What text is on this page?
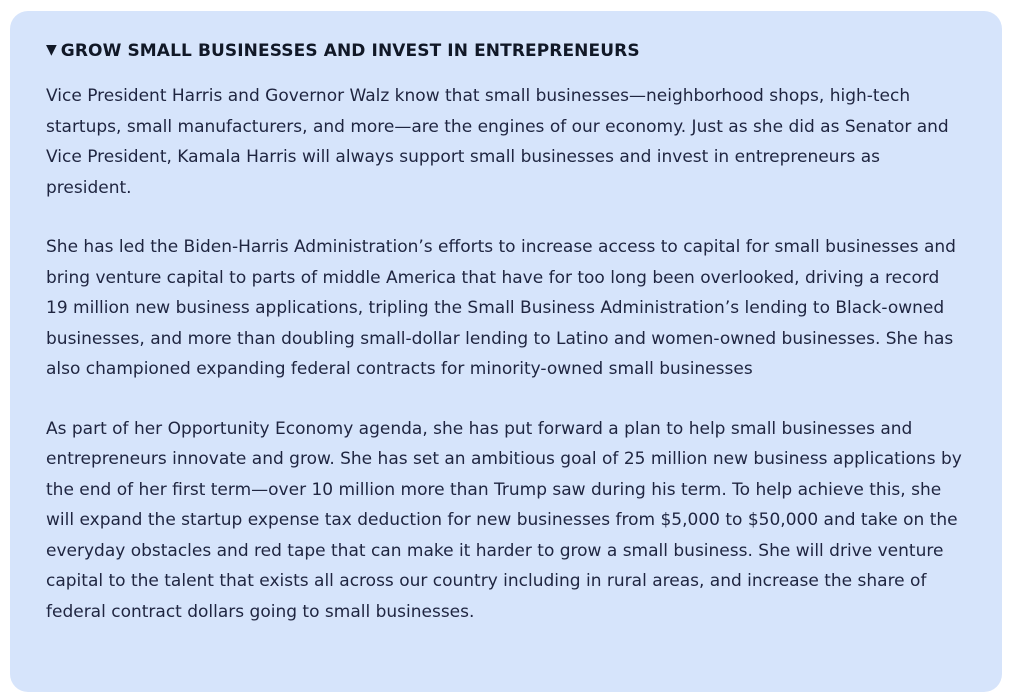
▼ GROW SMALL BUSINESSES AND INVEST IN ENTREPRENEURS

Vice President Harris and Governor Walz know that small businesses—neighborhood shops, high-tech startups, small manufacturers, and more—are the engines of our economy. Just as she did as Senator and Vice President, Kamala Harris will always support small businesses and invest in entrepreneurs as president.

She has led the Biden-Harris Administration’s efforts to increase access to capital for small businesses and bring venture capital to parts of middle America that have for too long been overlooked, driving a record 19 million new business applications, tripling the Small Business Administration’s lending to Black-owned businesses, and more than doubling small-dollar lending to Latino and women-owned businesses. She has also championed expanding federal contracts for minority-owned small businesses

As part of her Opportunity Economy agenda, she has put forward a plan to help small businesses and entrepreneurs innovate and grow. She has set an ambitious goal of 25 million new business applications by the end of her first term—over 10 million more than Trump saw during his term. To help achieve this, she will expand the startup expense tax deduction for new businesses from $5,000 to $50,000 and take on the everyday obstacles and red tape that can make it harder to grow a small business. She will drive venture capital to the talent that exists all across our country including in rural areas, and increase the share of federal contract dollars going to small businesses.
